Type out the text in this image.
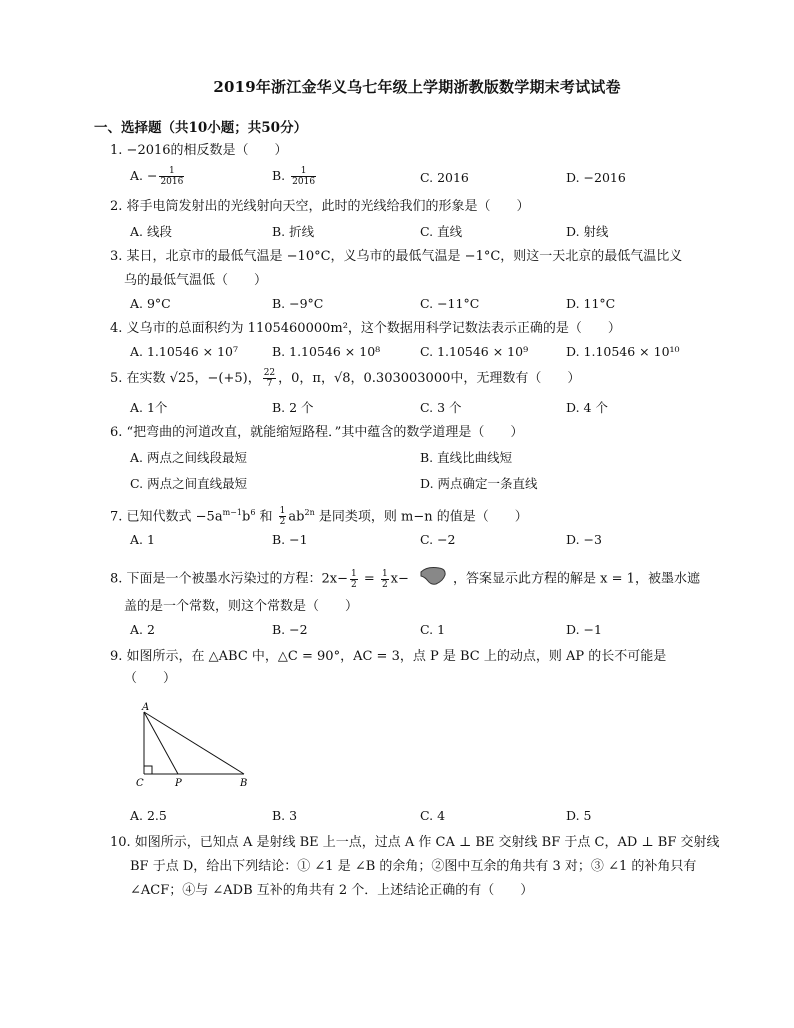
2019年浙江金华义乌七年级上学期浙教版数学期末考试试卷
一、选择题（共10小题；共50分）
1. −2016的相反数是（　　）
A. − $\frac{1}{2016}$	B. $\frac{1}{2016}$	C. 2016	D. −2016
2. 将手电筒发射出的光线射向天空，此时的光线给我们的形象是（　　）
A. 线段	B. 折线	C. 直线	D. 射线
3. 某日，北京市的最低气温是 −10°C，义乌市的最低气温是 −1°C，则这一天北京的最低气温比义
乌的最低气温低（　　）
A. 9°C	B. −9°C	C. −11°C	D. 11°C
4. 义乌市的总面积约为 1105460000m²，这个数据用科学记数法表示正确的是（　　）
A. 1.10546 × 10⁷	B. 1.10546 × 10⁸	C. 1.10546 × 10⁹	D. 1.10546 × 10¹⁰
5. 在实数 √25，−(+5)， $\frac{22}{7}$ ，0，π，√8，0.303003000中，无理数有（　　）
A. 1个	B. 2 个	C. 3 个	D. 4 个
6. “把弯曲的河道改直，就能缩短路程．”其中蕴含的数学道理是（　　）
A. 两点之间线段最短	B. 直线比曲线短
C. 两点之间直线最短	D. 两点确定一条直线
7. 已知代数式 $-5a^{m-1}b^6$ 和 $\frac{1}{2} ab^{2n}$ 是同类项，则 m−n 的值是（　　）
A. 1	B. −1	C. −2	D. −3
8. 下面是一个被墨水污染过的方程：$2x- \frac{1}{2} = \frac{1}{2} x-$	，答案显示此方程的解是 x = 1，被墨水遮
盖的是一个常数，则这个常数是（　　）
A. 2	B. −2	C. 1	D. −1
9. 如图所示，在 △ABC 中，△C = 90°，AC = 3，点 P 是 BC 上的动点，则 AP 的长不可能是
（　　）
A
C	P	B
A. 2.5	B. 3	C. 4	D. 5
10. 如图所示，已知点 A 是射线 BE 上一点，过点 A 作 CA ⊥ BE 交射线 BF 于点 C，AD ⊥ BF 交射线
BF 于点 D，给出下列结论：① ∠1 是 ∠B 的余角；②图中互余的角共有 3 对；③ ∠1 的补角只有
∠ACF；④与 ∠ADB 互补的角共有 2 个．上述结论正确的有（　　）
